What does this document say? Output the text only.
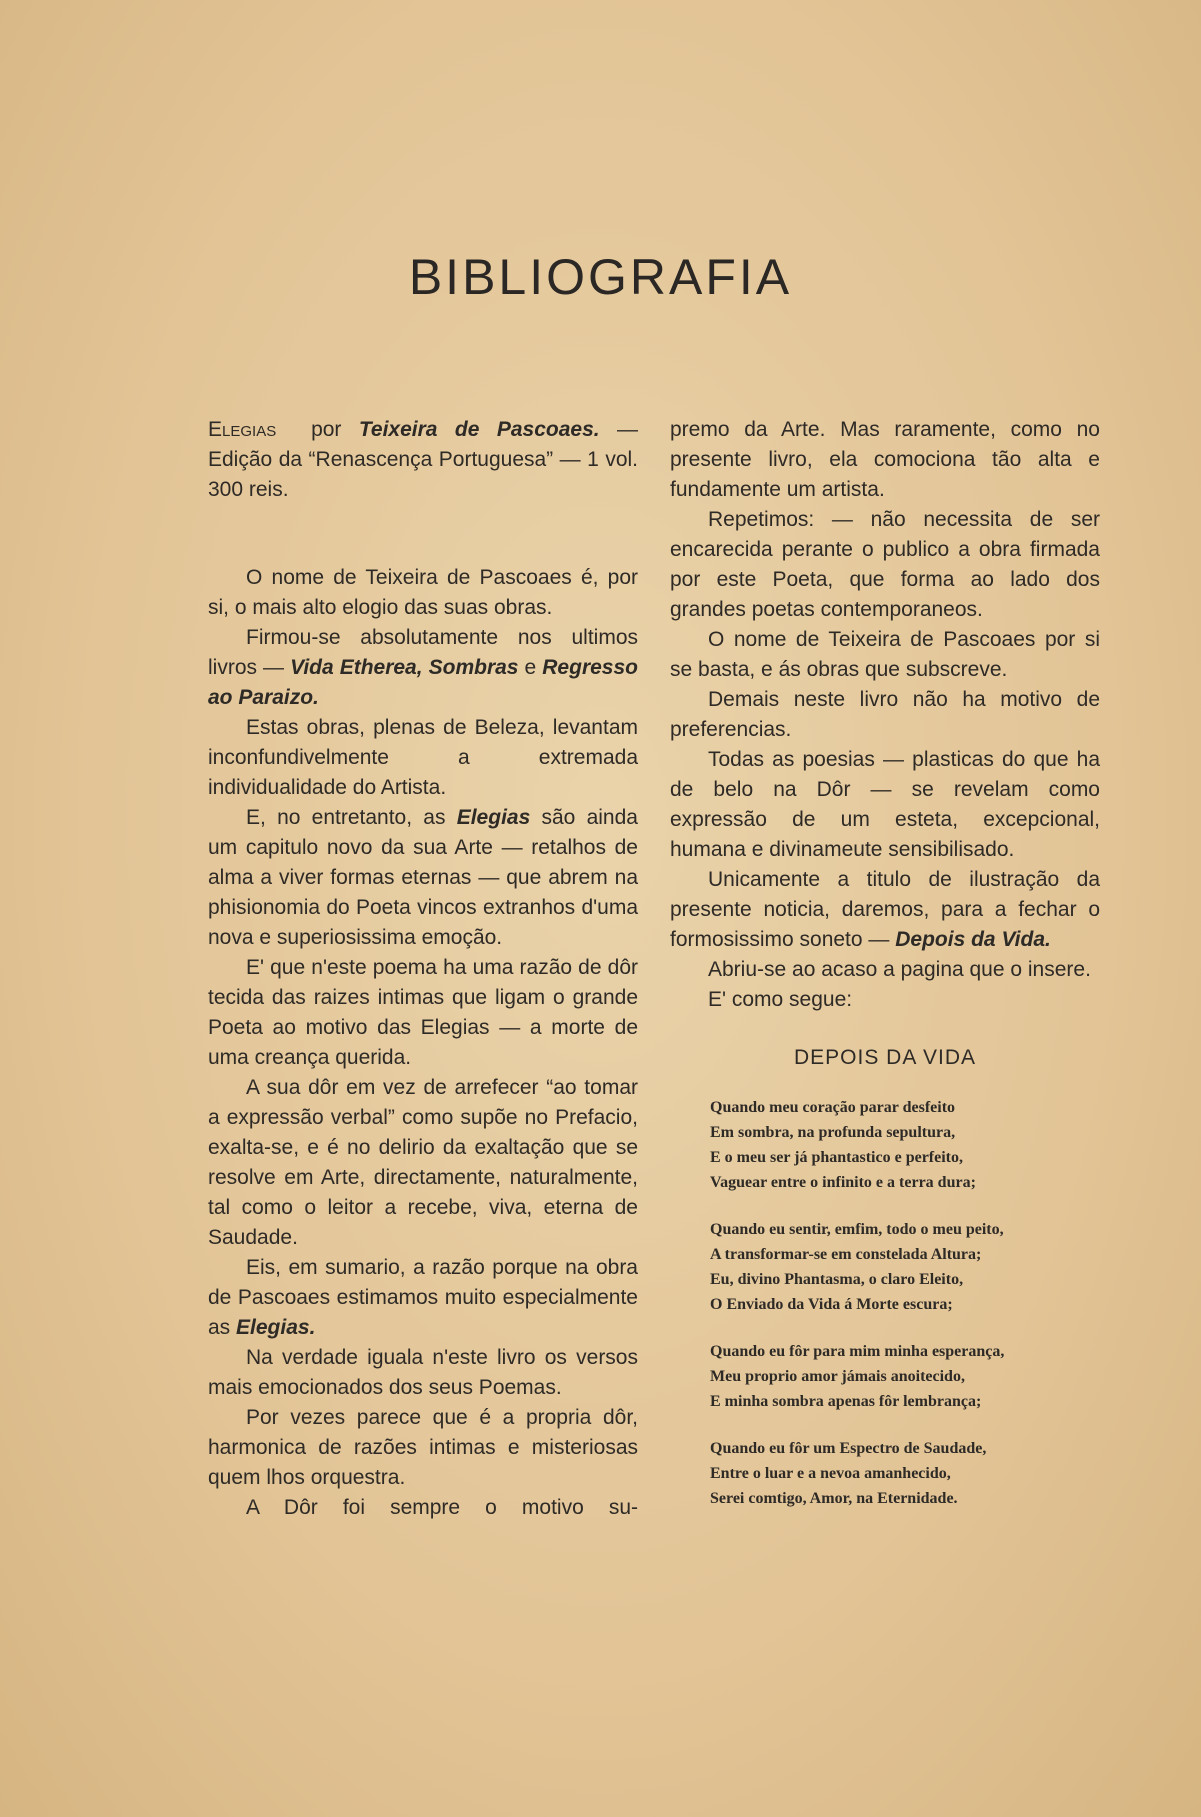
BIBLIOGRAFIA

Elegias por Teixeira de Pascoaes. — Edição da “Renascença Portuguesa” — 1 vol. 300 reis.

O nome de Teixeira de Pascoaes é, por si, o mais alto elogio das suas obras.

Firmou-se absolutamente nos ultimos livros — Vida Etherea, Sombras e Regresso ao Paraizo.

Estas obras, plenas de Beleza, levantam inconfundivelmente a extremada individualidade do Artista.

E, no entretanto, as Elegias são ainda um capitulo novo da sua Arte — retalhos de alma a viver formas eternas — que abrem na phisionomia do Poeta vincos extranhos d'uma nova e superiosissima emoção.

E' que n'este poema ha uma razão de dôr tecida das raizes intimas que ligam o grande Poeta ao motivo das Elegias — a morte de uma creança querida.

A sua dôr em vez de arrefecer “ao tomar a expressão verbal” como supõe no Prefacio, exalta-se, e é no delirio da exaltação que se resolve em Arte, directamente, naturalmente, tal como o leitor a recebe, viva, eterna de Saudade.

Eis, em sumario, a razão porque na obra de Pascoaes estimamos muito especialmente as Elegias.

Na verdade iguala n'este livro os versos mais emocionados dos seus Poemas.

Por vezes parece que é a propria dôr, harmonica de razões intimas e misteriosas quem lhos orquestra.

A Dôr foi sempre o motivo su-

premo da Arte. Mas raramente, como no presente livro, ela comociona tão alta e fundamente um artista.

Repetimos: — não necessita de ser encarecida perante o publico a obra firmada por este Poeta, que forma ao lado dos grandes poetas contemporaneos.

O nome de Teixeira de Pascoaes por si se basta, e ás obras que subscreve.

Demais neste livro não ha motivo de preferencias.

Todas as poesias — plasticas do que ha de belo na Dôr — se revelam como expressão de um esteta, excepcional, humana e divinameute sensibilisado.

Unicamente a titulo de ilustração da presente noticia, daremos, para a fechar o formosissimo soneto — Depois da Vida.

Abriu-se ao acaso a pagina que o insere.

E' como segue:

DEPOIS DA VIDA
Quando meu coração parar desfeito
Em sombra, na profunda sepultura,
E o meu ser já phantastico e perfeito,
Vaguear entre o infinito e a terra dura;
Quando eu sentir, emfim, todo o meu peito,
A transformar-se em constelada Altura;
Eu, divino Phantasma, o claro Eleito,
O Enviado da Vida á Morte escura;
Quando eu fôr para mim minha esperança,
Meu proprio amor jámais anoitecido,
E minha sombra apenas fôr lembrança;
Quando eu fôr um Espectro de Saudade,
Entre o luar e a nevoa amanhecido,
Serei comtigo, Amor, na Eternidade.
